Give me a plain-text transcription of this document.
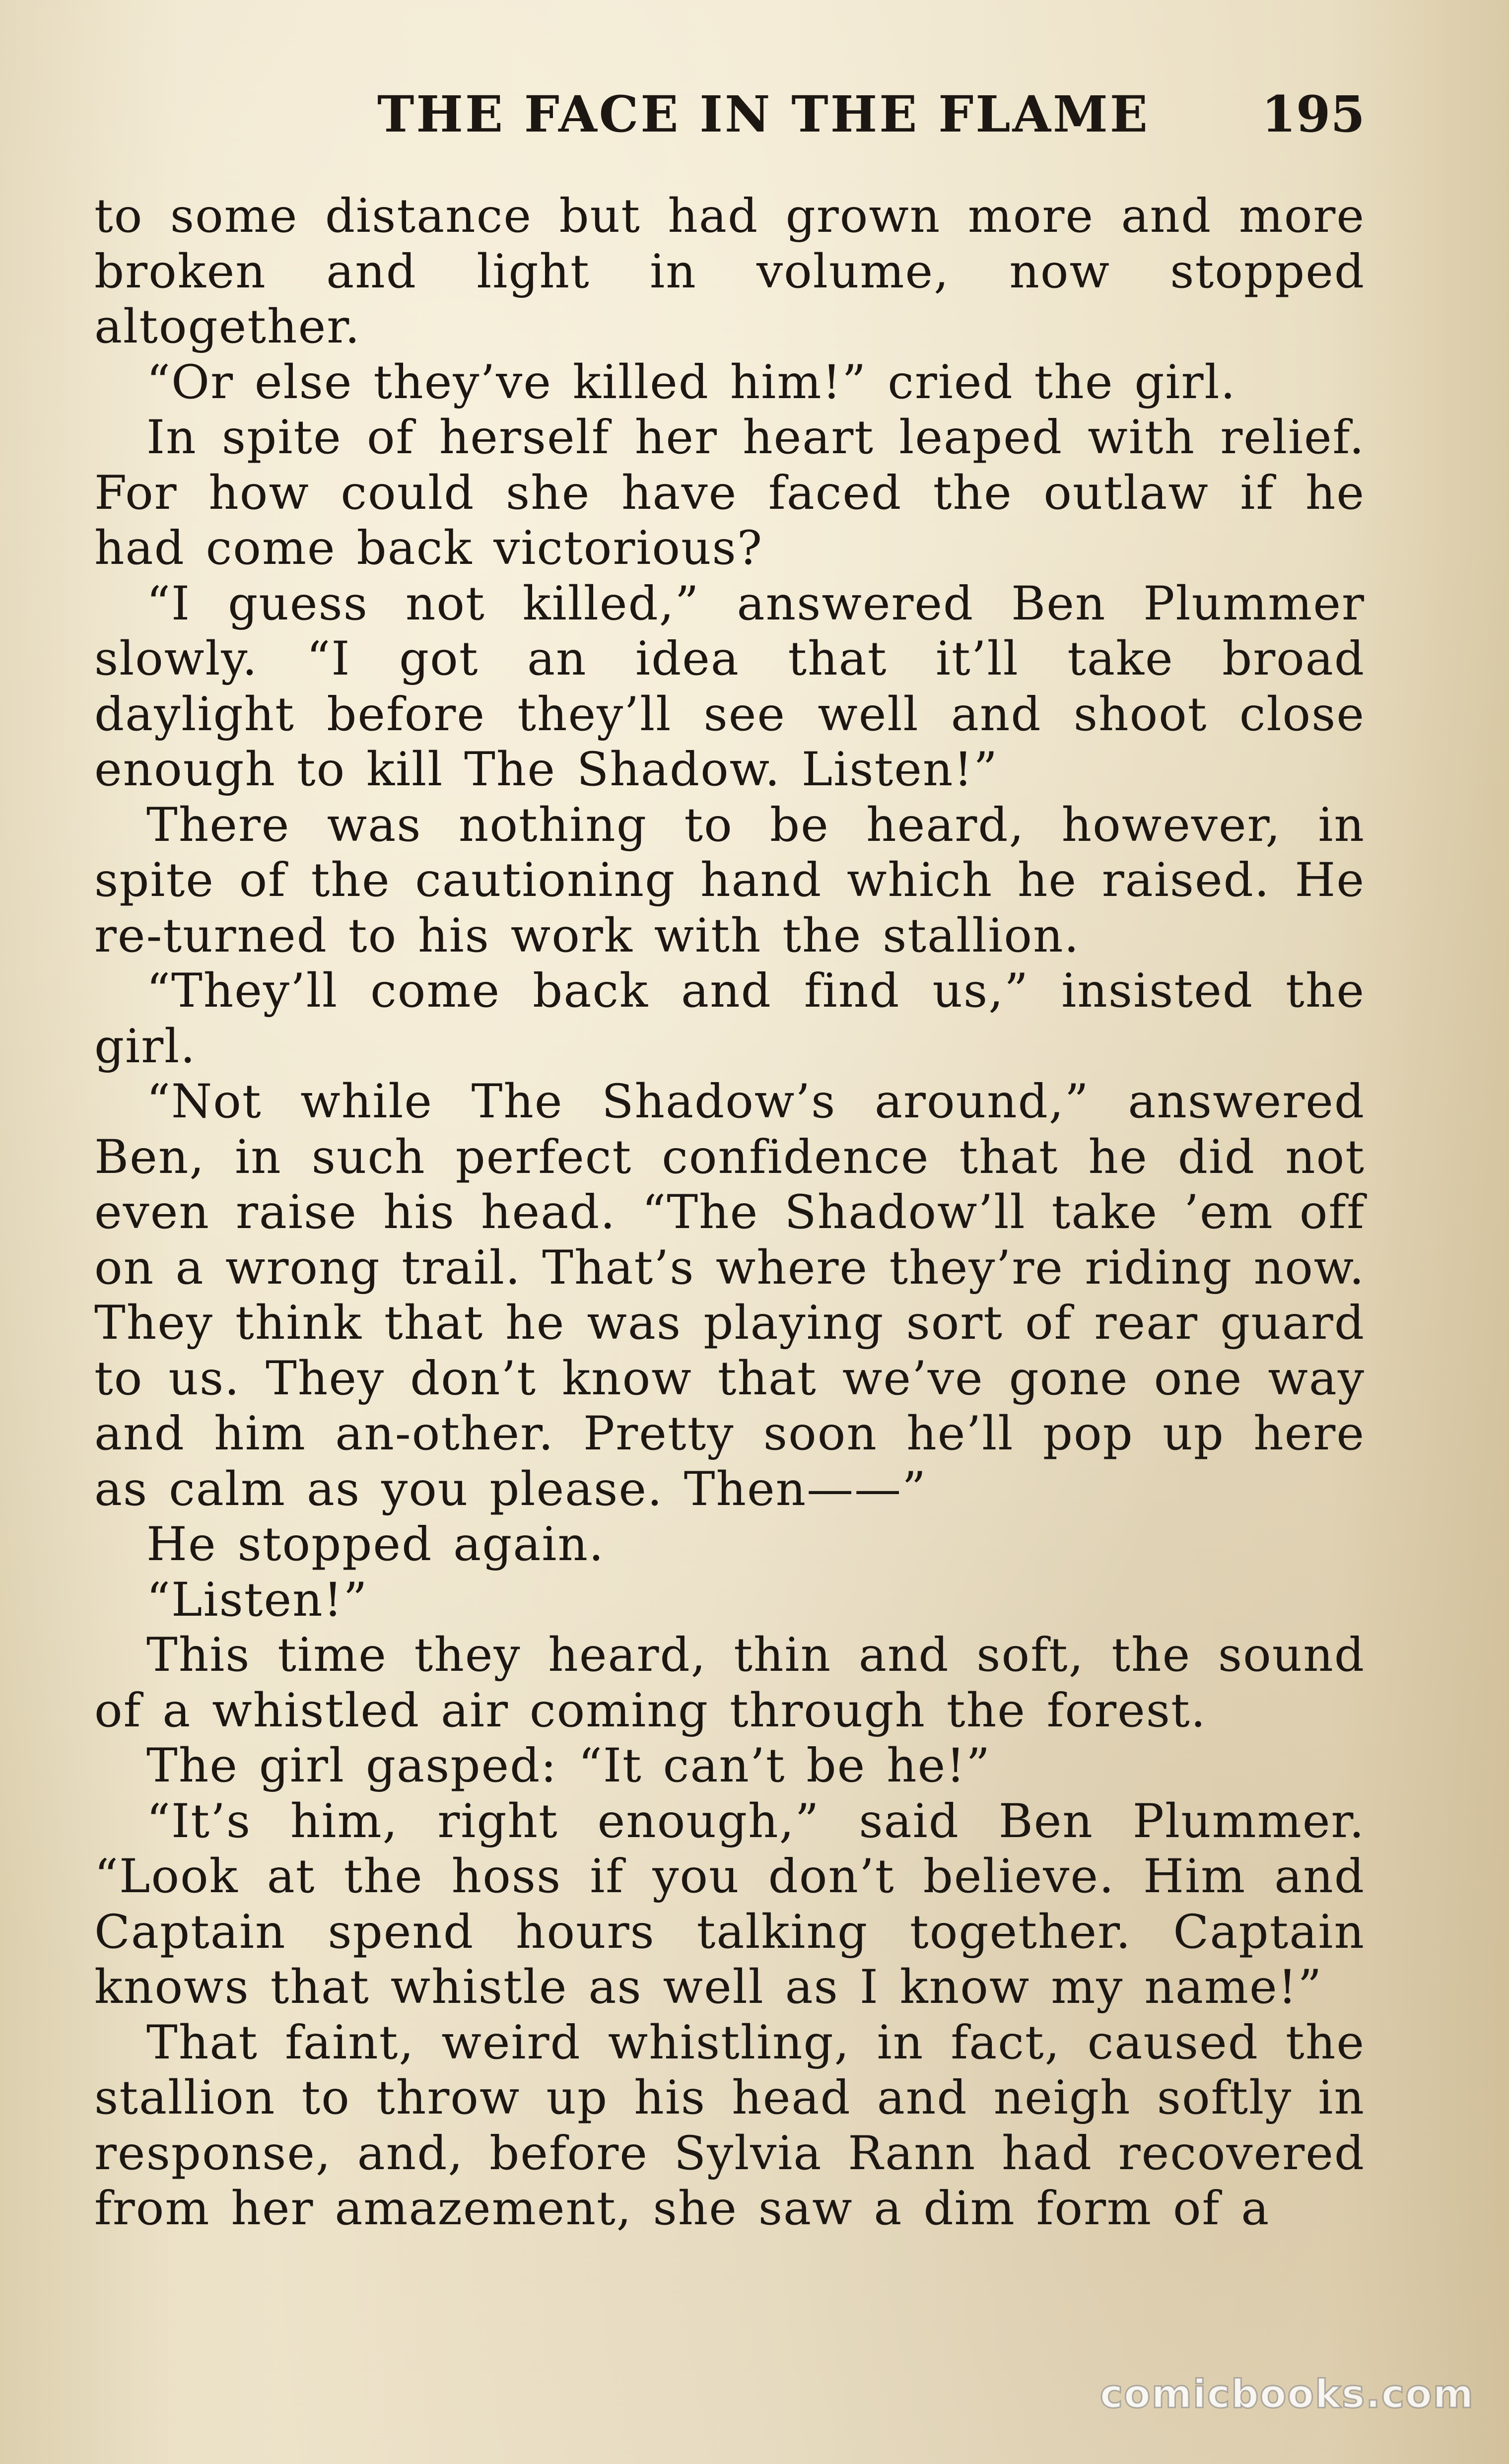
THE FACE IN THE FLAME 195

to some distance but had grown more and more broken and light in volume, now stopped altogether.

“Or else they’ve killed him!” cried the girl.

In spite of herself her heart leaped with relief. For how could she have faced the outlaw if he had come back victorious?

“I guess not killed,” answered Ben Plummer slowly. “I got an idea that it’ll take broad daylight before they’ll see well and shoot close enough to kill The Shadow. Listen!”

There was nothing to be heard, however, in spite of the cautioning hand which he raised. He re-turned to his work with the stallion.

“They’ll come back and find us,” insisted the girl.

“Not while The Shadow’s around,” answered Ben, in such perfect confidence that he did not even raise his head. “The Shadow’ll take ’em off on a wrong trail. That’s where they’re riding now. They think that he was playing sort of rear guard to us. They don’t know that we’ve gone one way and him an-other. Pretty soon he’ll pop up here as calm as you please. Then——”

He stopped again.

“Listen!”

This time they heard, thin and soft, the sound of a whistled air coming through the forest.

The girl gasped: “It can’t be he!”

“It’s him, right enough,” said Ben Plummer. “Look at the hoss if you don’t believe. Him and Captain spend hours talking together. Captain knows that whistle as well as I know my name!”

That faint, weird whistling, in fact, caused the stallion to throw up his head and neigh softly in response, and, before Sylvia Rann had recovered from her amazement, she saw a dim form of a

comicbooks.com
